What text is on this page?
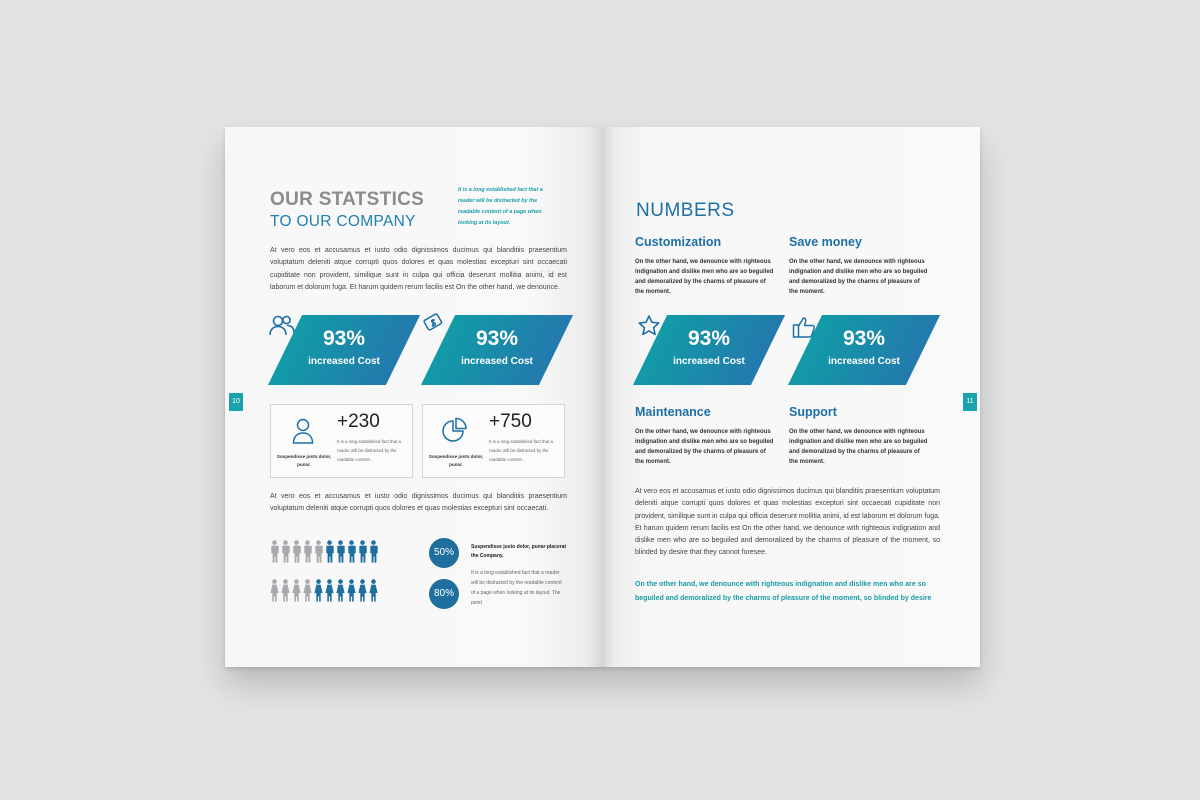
OUR STATSTICS
TO OUR COMPANY
It is a long established fact that a reader will be distracted by the readable content of a page when looking at its layout.
At vero eos et accusamus et iusto odio dignissimos ducimus qui blanditiis praesentium voluptatum deleniti atque corrupti quos dolores et quas molestias excepturi sint occaecati cupiditate non provident, similique sunt in culpa qui officia deserunt mollitia animi, id est laborum et dolorum fuga. Et harum quidem rerum facilis est On the other hand, we denounce.
93%
increased Cost
93%
increased Cost
10
Suspendisse justo dolor, punar.
+230
It is a long established fact that a reader will be distracted by the readable content .
Suspendisse justo dolor, punar.
+750
It is a long established fact that a reader will be distracted by the readable content .
At vero eos et accusamus et iusto odio dignissimos ducimus qui blanditiis praesentium voluptatum deleniti atque corrupti quos dolores et quas molestias excepturi sint occaecati.
50%
80%
Suspendisse justo dolor, punar placerat the Company.
It is a long established fact that a reader will be distracted by the readable content of a page when looking at its layout. The point
NUMBERS
Customization
On the other hand, we denounce with righteous indignation and dislike men who are so beguiled and demoralized by the charms of pleasure of the moment.
Save money
On the other hand, we denounce with righteous indignation and dislike men who are so beguiled and demoralized by the charms of pleasure of the moment.
93%
increased Cost
93%
increased Cost
11
Maintenance
On the other hand, we denounce with righteous indignation and dislike men who are so beguiled and demoralized by the charms of pleasure of the moment.
Support
On the other hand, we denounce with righteous indignation and dislike men who are so beguiled and demoralized by the charms of pleasure of the moment.
At vero eos et accusamus et iusto odio dignissimos ducimus qui blanditiis praesentium voluptatum deleniti atque corrupti quos dolores et quas molestias excepturi sint occaecati cupiditate non provident, similique sunt in culpa qui officia deserunt mollitia animi, id est laborum et dolorum fuga. Et harum quidem rerum facilis est On the other hand, we denounce with righteous indignation and dislike men who are so beguiled and demoralized by the charms of pleasure of the moment, so blinded by desire that they cannot foresee.
On the other hand, we denounce with righteous indignation and dislike men who are so beguiled and demoralized by the charms of pleasure of the moment, so blinded by desire
